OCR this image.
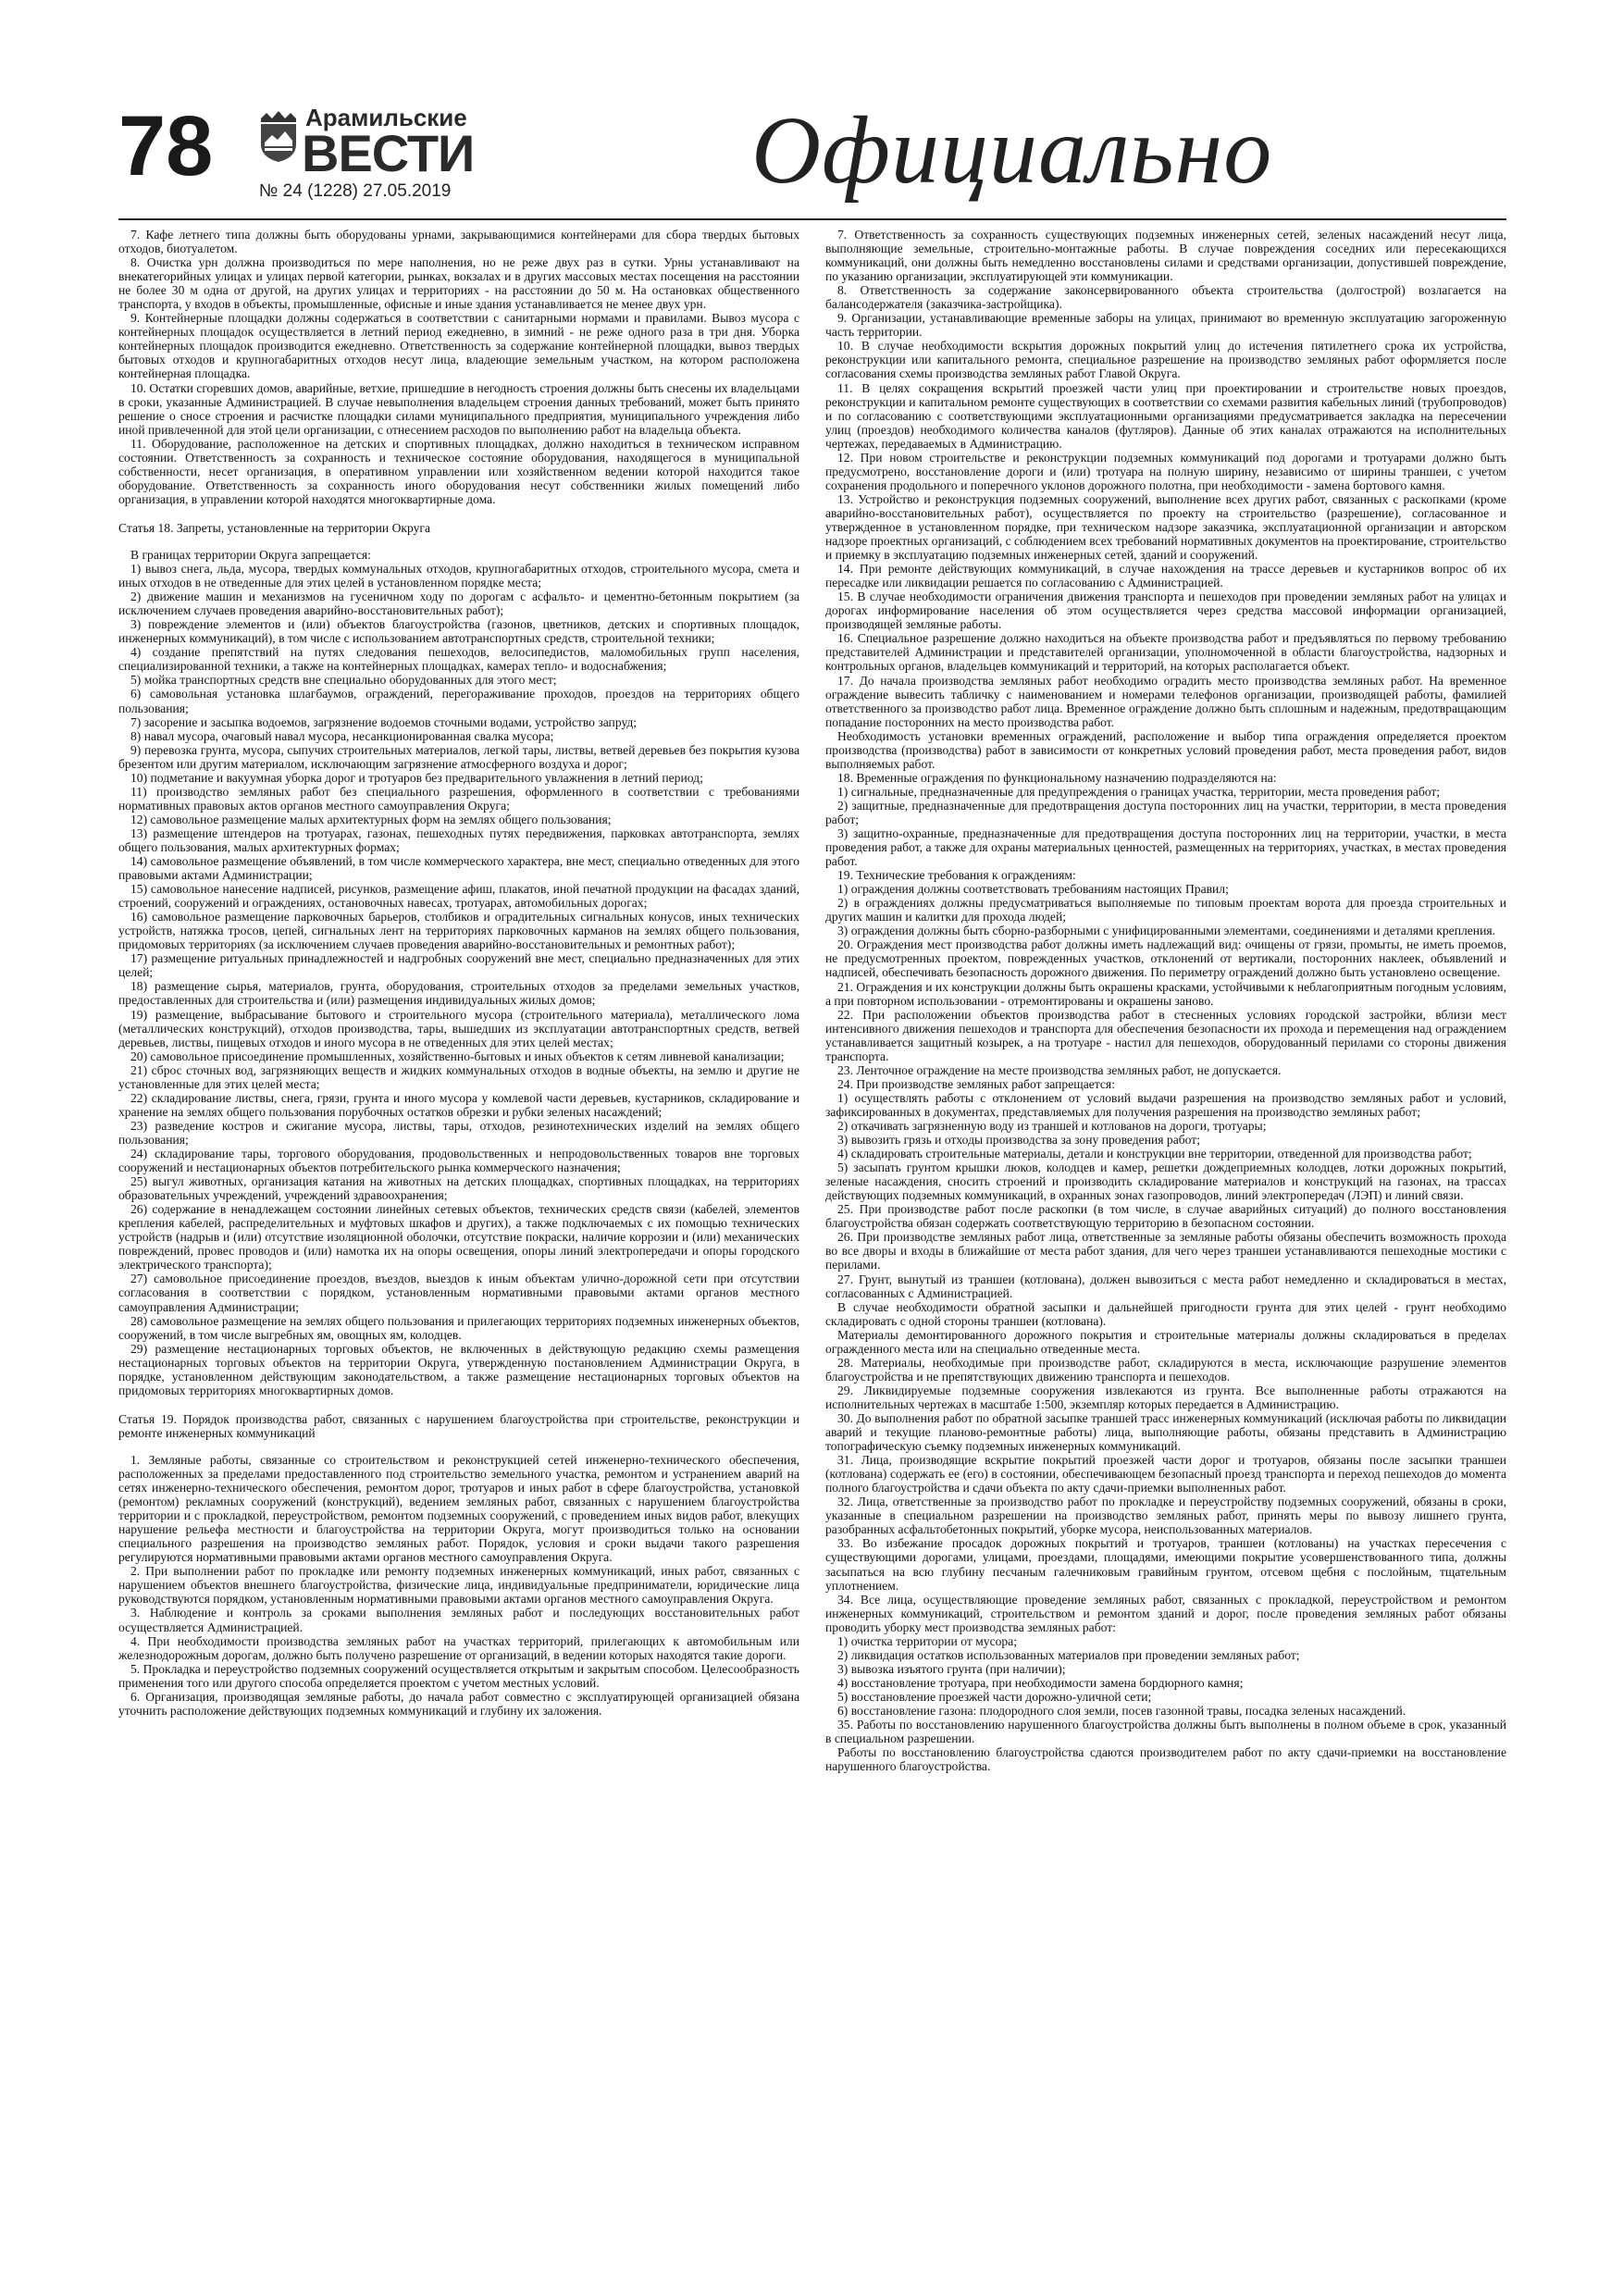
78	Арамильские
ВЕСТИ
№ 24 (1228) 27.05.2019	Официально

7. Кафе летнего типа должны быть оборудованы урнами, закрывающимися контейнерами для сбора твердых бытовых отходов, биотуалетом.

8. Очистка урн должна производиться по мере наполнения, но не реже двух раз в сутки. Урны устанавливают на внекатегорийных улицах и улицах первой категории, рынках, вокзалах и в других массовых местах посещения на расстоянии не более 30 м одна от другой, на других улицах и территориях - на расстоянии до 50 м. На остановках общественного транспорта, у входов в объекты, промышленные, офисные и иные здания устанавливается не менее двух урн.

9. Контейнерные площадки должны содержаться в соответствии с санитарными нормами и правилами. Вывоз мусора с контейнерных площадок осуществляется в летний период ежедневно, в зимний - не реже одного раза в три дня. Уборка контейнерных площадок производится ежедневно. Ответственность за содержание контейнерной площадки, вывоз твердых бытовых отходов и крупногабаритных отходов несут лица, владеющие земельным участком, на котором расположена контейнерная площадка.

10. Остатки сгоревших домов, аварийные, ветхие, пришедшие в негодность строения должны быть снесены их владельцами в сроки, указанные Администрацией. В случае невыполнения владельцем строения данных требований, может быть принято решение о сносе строения и расчистке площадки силами муниципального предприятия, муниципального учреждения либо иной привлеченной для этой цели организации, с отнесением расходов по выполнению работ на владельца объекта.

11. Оборудование, расположенное на детских и спортивных площадках, должно находиться в техническом исправном состоянии. Ответственность за сохранность и техническое состояние оборудования, находящегося в муниципальной собственности, несет организация, в оперативном управлении или хозяйственном ведении которой находится такое оборудование. Ответственность за сохранность иного оборудования несут собственники жилых помещений либо организация, в управлении которой находятся многоквартирные дома.

Статья 18. Запреты, установленные на территории Округа

В границах территории Округа запрещается:

1) вывоз снега, льда, мусора, твердых коммунальных отходов, крупногабаритных отходов, строительного мусора, смета и иных отходов в не отведенные для этих целей в установленном порядке места;

2) движение машин и механизмов на гусеничном ходу по дорогам с асфальто- и цементно-бетонным покрытием (за исключением случаев проведения аварийно-восстановительных работ);

3) повреждение элементов и (или) объектов благоустройства (газонов, цветников, детских и спортивных площадок, инженерных коммуникаций), в том числе с использованием автотранспортных средств, строительной техники;

4) создание препятствий на путях следования пешеходов, велосипедистов, маломобильных групп населения, специализированной техники, а также на контейнерных площадках, камерах тепло- и водоснабжения;

5) мойка транспортных средств вне специально оборудованных для этого мест;

6) самовольная установка шлагбаумов, ограждений, перегораживание проходов, проездов на территориях общего пользования;

7) засорение и засыпка водоемов, загрязнение водоемов сточными водами, устройство запруд;

8) навал мусора, очаговый навал мусора, несанкционированная свалка мусора;

9) перевозка грунта, мусора, сыпучих строительных материалов, легкой тары, листвы, ветвей деревьев без покрытия кузова брезентом или другим материалом, исключающим загрязнение атмосферного воздуха и дорог;

10) подметание и вакуумная уборка дорог и тротуаров без предварительного увлажнения в летний период;

11) производство земляных работ без специального разрешения, оформленного в соответствии с требованиями нормативных правовых актов органов местного самоуправления Округа;

12) самовольное размещение малых архитектурных форм на землях общего пользования;

13) размещение штендеров на тротуарах, газонах, пешеходных путях передвижения, парковках автотранспорта, землях общего пользования, малых архитектурных формах;

14) самовольное размещение объявлений, в том числе коммерческого характера, вне мест, специально отведенных для этого правовыми актами Администрации;

15) самовольное нанесение надписей, рисунков, размещение афиш, плакатов, иной печатной продукции на фасадах зданий, строений, сооружений и ограждениях, остановочных навесах, тротуарах, автомобильных дорогах;

16) самовольное размещение парковочных барьеров, столбиков и оградительных сигнальных конусов, иных технических устройств, натяжка тросов, цепей, сигнальных лент на территориях парковочных карманов на землях общего пользования, придомовых территориях (за исключением случаев проведения аварийно-восстановительных и ремонтных работ);

17) размещение ритуальных принадлежностей и надгробных сооружений вне мест, специально предназначенных для этих целей;

18) размещение сырья, материалов, грунта, оборудования, строительных отходов за пределами земельных участков, предоставленных для строительства и (или) размещения индивидуальных жилых домов;

19) размещение, выбрасывание бытового и строительного мусора (строительного материала), металлического лома (металлических конструкций), отходов производства, тары, вышедших из эксплуатации автотранспортных средств, ветвей деревьев, листвы, пищевых отходов и иного мусора в не отведенных для этих целей местах;

20) самовольное присоединение промышленных, хозяйственно-бытовых и иных объектов к сетям ливневой канализации;

21) сброс сточных вод, загрязняющих веществ и жидких коммунальных отходов в водные объекты, на землю и другие не установленные для этих целей места;

22) складирование листвы, снега, грязи, грунта и иного мусора у комлевой части деревьев, кустарников, складирование и хранение на землях общего пользования порубочных остатков обрезки и рубки зеленых насаждений;

23) разведение костров и сжигание мусора, листвы, тары, отходов, резинотехнических изделий на землях общего пользования;

24) складирование тары, торгового оборудования, продовольственных и непродовольственных товаров вне торговых сооружений и нестационарных объектов потребительского рынка коммерческого назначения;

25) выгул животных, организация катания на животных на детских площадках, спортивных площадках, на территориях образовательных учреждений, учреждений здравоохранения;

26) содержание в ненадлежащем состоянии линейных сетевых объектов, технических средств связи (кабелей, элементов крепления кабелей, распределительных и муфтовых шкафов и других), а также подключаемых с их помощью технических устройств (надрыв и (или) отсутствие изоляционной оболочки, отсутствие покраски, наличие коррозии и (или) механических повреждений, провес проводов и (или) намотка их на опоры освещения, опоры линий электропередачи и опоры городского электрического транспорта);

27) самовольное присоединение проездов, въездов, выездов к иным объектам улично-дорожной сети при отсутствии согласования в соответствии с порядком, установленным нормативными правовыми актами органов местного самоуправления Администрации;

28) самовольное размещение на землях общего пользования и прилегающих территориях подземных инженерных объектов, сооружений, в том числе выгребных ям, овощных ям, колодцев.

29) размещение нестационарных торговых объектов, не включенных в действующую редакцию схемы размещения нестационарных торговых объектов на территории Округа, утвержденную постановлением Администрации Округа, в порядке, установленном действующим законодательством, а также размещение нестационарных торговых объектов на придомовых территориях многоквартирных домов.

Статья 19. Порядок производства работ, связанных с нарушением благоустройства при строительстве, реконструкции и ремонте инженерных коммуникаций

1. Земляные работы, связанные со строительством и реконструкцией сетей инженерно-технического обеспечения, расположенных за пределами предоставленного под строительство земельного участка, ремонтом и устранением аварий на сетях инженерно-технического обеспечения, ремонтом дорог, тротуаров и иных работ в сфере благоустройства, установкой (ремонтом) рекламных сооружений (конструкций), ведением земляных работ, связанных с нарушением благоустройства территории и с прокладкой, переустройством, ремонтом подземных сооружений, с проведением иных видов работ, влекущих нарушение рельефа местности и благоустройства на территории Округа, могут производиться только на основании специального разрешения на производство земляных работ. Порядок, условия и сроки выдачи такого разрешения регулируются нормативными правовыми актами органов местного самоуправления Округа.

2. При выполнении работ по прокладке или ремонту подземных инженерных коммуникаций, иных работ, связанных с нарушением объектов внешнего благоустройства, физические лица, индивидуальные предприниматели, юридические лица руководствуются порядком, установленным нормативными правовыми актами органов местного самоуправления Округа.

3. Наблюдение и контроль за сроками выполнения земляных работ и последующих восстановительных работ осуществляется Администрацией.

4. При необходимости производства земляных работ на участках территорий, прилегающих к автомобильным или железнодорожным дорогам, должно быть получено разрешение от организаций, в ведении которых находятся такие дороги.

5. Прокладка и переустройство подземных сооружений осуществляется открытым и закрытым способом. Целесообразность применения того или другого способа определяется проектом с учетом местных условий.

6. Организация, производящая земляные работы, до начала работ совместно с эксплуатирующей организацией обязана уточнить расположение действующих подземных коммуникаций и глубину их заложения.

7. Ответственность за сохранность существующих подземных инженерных сетей, зеленых насаждений несут лица, выполняющие земельные, строительно-монтажные работы. В случае повреждения соседних или пересекающихся коммуникаций, они должны быть немедленно восстановлены силами и средствами организации, допустившей повреждение, по указанию организации, эксплуатирующей эти коммуникации.

8. Ответственность за содержание законсервированного объекта строительства (долгострой) возлагается на балансодержателя (заказчика-застройщика).

9. Организации, устанавливающие временные заборы на улицах, принимают во временную эксплуатацию загороженную часть территории.

10. В случае необходимости вскрытия дорожных покрытий улиц до истечения пятилетнего срока их устройства, реконструкции или капитального ремонта, специальное разрешение на производство земляных работ оформляется после согласования схемы производства земляных работ Главой Округа.

11. В целях сокращения вскрытий проезжей части улиц при проектировании и строительстве новых проездов, реконструкции и капитальном ремонте существующих в соответствии со схемами развития кабельных линий (трубопроводов) и по согласованию с соответствующими эксплуатационными организациями предусматривается закладка на пересечении улиц (проездов) необходимого количества каналов (футляров). Данные об этих каналах отражаются на исполнительных чертежах, передаваемых в Администрацию.

12. При новом строительстве и реконструкции подземных коммуникаций под дорогами и тротуарами должно быть предусмотрено, восстановление дороги и (или) тротуара на полную ширину, независимо от ширины траншеи, с учетом сохранения продольного и поперечного уклонов дорожного полотна, при необходимости - замена бортового камня.

13. Устройство и реконструкция подземных сооружений, выполнение всех других работ, связанных с раскопками (кроме аварийно-восстановительных работ), осуществляется по проекту на строительство (разрешение), согласованное и утвержденное в установленном порядке, при техническом надзоре заказчика, эксплуатационной организации и авторском надзоре проектных организаций, с соблюдением всех требований нормативных документов на проектирование, строительство и приемку в эксплуатацию подземных инженерных сетей, зданий и сооружений.

14. При ремонте действующих коммуникаций, в случае нахождения на трассе деревьев и кустарников вопрос об их пересадке или ликвидации решается по согласованию с Администрацией.

15. В случае необходимости ограничения движения транспорта и пешеходов при проведении земляных работ на улицах и дорогах информирование населения об этом осуществляется через средства массовой информации организацией, производящей земляные работы.

16. Специальное разрешение должно находиться на объекте производства работ и предъявляться по первому требованию представителей Администрации и представителей организации, уполномоченной в области благоустройства, надзорных и контрольных органов, владельцев коммуникаций и территорий, на которых располагается объект.

17. До начала производства земляных работ необходимо оградить место производства земляных работ. На временное ограждение вывесить табличку с наименованием и номерами телефонов организации, производящей работы, фамилией ответственного за производство работ лица. Временное ограждение должно быть сплошным и надежным, предотвращающим попадание посторонних на место производства работ.

Необходимость установки временных ограждений, расположение и выбор типа ограждения определяется проектом производства (производства) работ в зависимости от конкретных условий проведения работ, места проведения работ, видов выполняемых работ.

18. Временные ограждения по функциональному назначению подразделяются на:

1) сигнальные, предназначенные для предупреждения о границах участка, территории, места проведения работ;

2) защитные, предназначенные для предотвращения доступа посторонних лиц на участки, территории, в места проведения работ;

3) защитно-охранные, предназначенные для предотвращения доступа посторонних лиц на территории, участки, в места проведения работ, а также для охраны материальных ценностей, размещенных на территориях, участках, в местах проведения работ.

19. Технические требования к ограждениям:

1) ограждения должны соответствовать требованиям настоящих Правил;

2) в ограждениях должны предусматриваться выполняемые по типовым проектам ворота для проезда строительных и других машин и калитки для прохода людей;

3) ограждения должны быть сборно-разборными с унифицированными элементами, соединениями и деталями крепления.

20. Ограждения мест производства работ должны иметь надлежащий вид: очищены от грязи, промыты, не иметь проемов, не предусмотренных проектом, поврежденных участков, отклонений от вертикали, посторонних наклеек, объявлений и надписей, обеспечивать безопасность дорожного движения. По периметру ограждений должно быть установлено освещение.

21. Ограждения и их конструкции должны быть окрашены красками, устойчивыми к неблагоприятным погодным условиям, а при повторном использовании - отремонтированы и окрашены заново.

22. При расположении объектов производства работ в стесненных условиях городской застройки, вблизи мест интенсивного движения пешеходов и транспорта для обеспечения безопасности их прохода и перемещения над ограждением устанавливается защитный козырек, а на тротуаре - настил для пешеходов, оборудованный перилами со стороны движения транспорта.

23. Ленточное ограждение на месте производства земляных работ, не допускается.

24. При производстве земляных работ запрещается:

1) осуществлять работы с отклонением от условий выдачи разрешения на производство земляных работ и условий, зафиксированных в документах, представляемых для получения разрешения на производство земляных работ;

2) откачивать загрязненную воду из траншей и котлованов на дороги, тротуары;

3) вывозить грязь и отходы производства за зону проведения работ;

4) складировать строительные материалы, детали и конструкции вне территории, отведенной для производства работ;

5) засыпать грунтом крышки люков, колодцев и камер, решетки дождеприемных колодцев, лотки дорожных покрытий, зеленые насаждения, сносить строений и производить складирование материалов и конструкций на газонах, на трассах действующих подземных коммуникаций, в охранных зонах газопроводов, линий электропередач (ЛЭП) и линий связи.

25. При производстве работ после раскопки (в том числе, в случае аварийных ситуаций) до полного восстановления благоустройства обязан содержать соответствующую территорию в безопасном состоянии.

26. При производстве земляных работ лица, ответственные за земляные работы обязаны обеспечить возможность прохода во все дворы и входы в ближайшие от места работ здания, для чего через траншеи устанавливаются пешеходные мостики с перилами.

27. Грунт, вынутый из траншеи (котлована), должен вывозиться с места работ немедленно и складироваться в местах, согласованных с Администрацией.

В случае необходимости обратной засыпки и дальнейшей пригодности грунта для этих целей - грунт необходимо складировать с одной стороны траншеи (котлована).

Материалы демонтированного дорожного покрытия и строительные материалы должны складироваться в пределах огражденного места или на специально отведенные места.

28. Материалы, необходимые при производстве работ, складируются в места, исключающие разрушение элементов благоустройства и не препятствующих движению транспорта и пешеходов.

29. Ликвидируемые подземные сооружения извлекаются из грунта. Все выполненные работы отражаются на исполнительных чертежах в масштабе 1:500, экземпляр которых передается в Администрацию.

30. До выполнения работ по обратной засыпке траншей трасс инженерных коммуникаций (исключая работы по ликвидации аварий и текущие планово-ремонтные работы) лица, выполняющие работы, обязаны представить в Администрацию топографическую съемку подземных инженерных коммуникаций.

31. Лица, производящие вскрытие покрытий проезжей части дорог и тротуаров, обязаны после засыпки траншеи (котлована) содержать ее (его) в состоянии, обеспечивающем безопасный проезд транспорта и переход пешеходов до момента полного благоустройства и сдачи объекта по акту сдачи-приемки выполненных работ.

32. Лица, ответственные за производство работ по прокладке и переустройству подземных сооружений, обязаны в сроки, указанные в специальном разрешении на производство земляных работ, принять меры по вывозу лишнего грунта, разобранных асфальтобетонных покрытий, уборке мусора, неиспользованных материалов.

33. Во избежание просадок дорожных покрытий и тротуаров, траншеи (котлованы) на участках пересечения с существующими дорогами, улицами, проездами, площадями, имеющими покрытие усовершенствованного типа, должны засыпаться на всю глубину песчаным галечниковым гравийным грунтом, отсевом щебня с послойным, тщательным уплотнением.

34. Все лица, осуществляющие проведение земляных работ, связанных с прокладкой, переустройством и ремонтом инженерных коммуникаций, строительством и ремонтом зданий и дорог, после проведения земляных работ обязаны проводить уборку мест производства земляных работ:

1) очистка территории от мусора;

2) ликвидация остатков использованных материалов при проведении земляных работ;

3) вывозка изъятого грунта (при наличии);

4) восстановление тротуара, при необходимости замена бордюрного камня;

5) восстановление проезжей части дорожно-уличной сети;

6) восстановление газона: плодородного слоя земли, посев газонной травы, посадка зеленых насаждений.

35. Работы по восстановлению нарушенного благоустройства должны быть выполнены в полном объеме в срок, указанный в специальном разрешении.

Работы по восстановлению благоустройства сдаются производителем работ по акту сдачи-приемки на восстановление нарушенного благоустройства.
